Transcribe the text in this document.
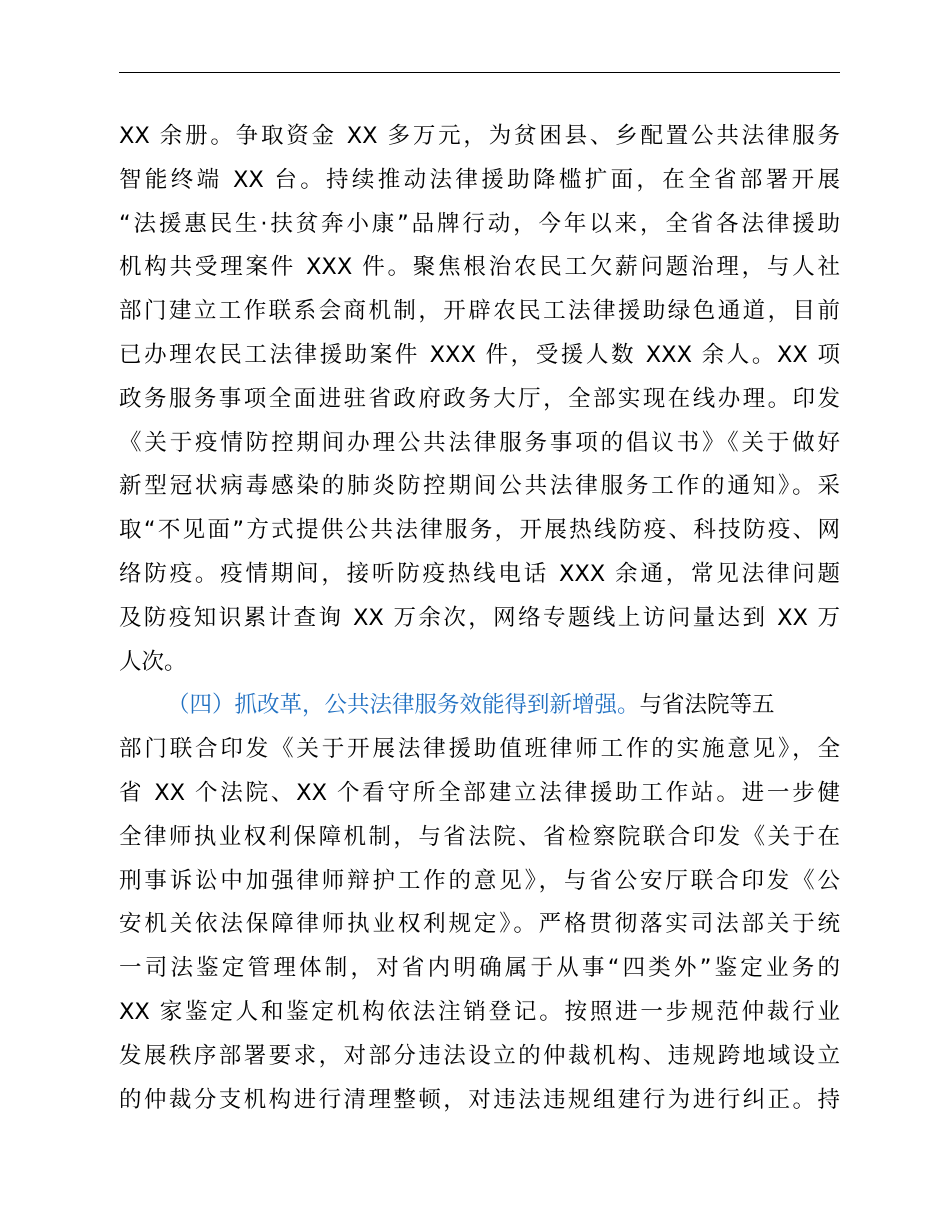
XX 余册。争取资金 XX 多万元，为贫困县、乡配置公共法律服务
智能终端 XX 台。持续推动法律援助降槛扩面，在全省部署开展
“法援惠民生·扶贫奔小康”品牌行动，今年以来，全省各法律援助
机构共受理案件 XXX 件。聚焦根治农民工欠薪问题治理，与人社
部门建立工作联系会商机制，开辟农民工法律援助绿色通道，目前
已办理农民工法律援助案件 XXX 件，受援人数 XXX 余人。XX 项
政务服务事项全面进驻省政府政务大厅，全部实现在线办理。印发
《关于疫情防控期间办理公共法律服务事项的倡议书》《关于做好
新型冠状病毒感染的肺炎防控期间公共法律服务工作的通知》。采
取“不见面”方式提供公共法律服务，开展热线防疫、科技防疫、网
络防疫。疫情期间，接听防疫热线电话 XXX 余通，常见法律问题
及防疫知识累计查询 XX 万余次，网络专题线上访问量达到 XX 万
人次。
（四）抓改革，公共法律服务效能得到新增强。与省法院等五
部门联合印发《关于开展法律援助值班律师工作的实施意见》，全
省 XX 个法院、XX 个看守所全部建立法律援助工作站。进一步健
全律师执业权利保障机制，与省法院、省检察院联合印发《关于在
刑事诉讼中加强律师辩护工作的意见》，与省公安厅联合印发《公
安机关依法保障律师执业权利规定》。严格贯彻落实司法部关于统
一司法鉴定管理体制，对省内明确属于从事“四类外”鉴定业务的
XX 家鉴定人和鉴定机构依法注销登记。按照进一步规范仲裁行业
发展秩序部署要求，对部分违法设立的仲裁机构、违规跨地域设立
的仲裁分支机构进行清理整顿，对违法违规组建行为进行纠正。持
